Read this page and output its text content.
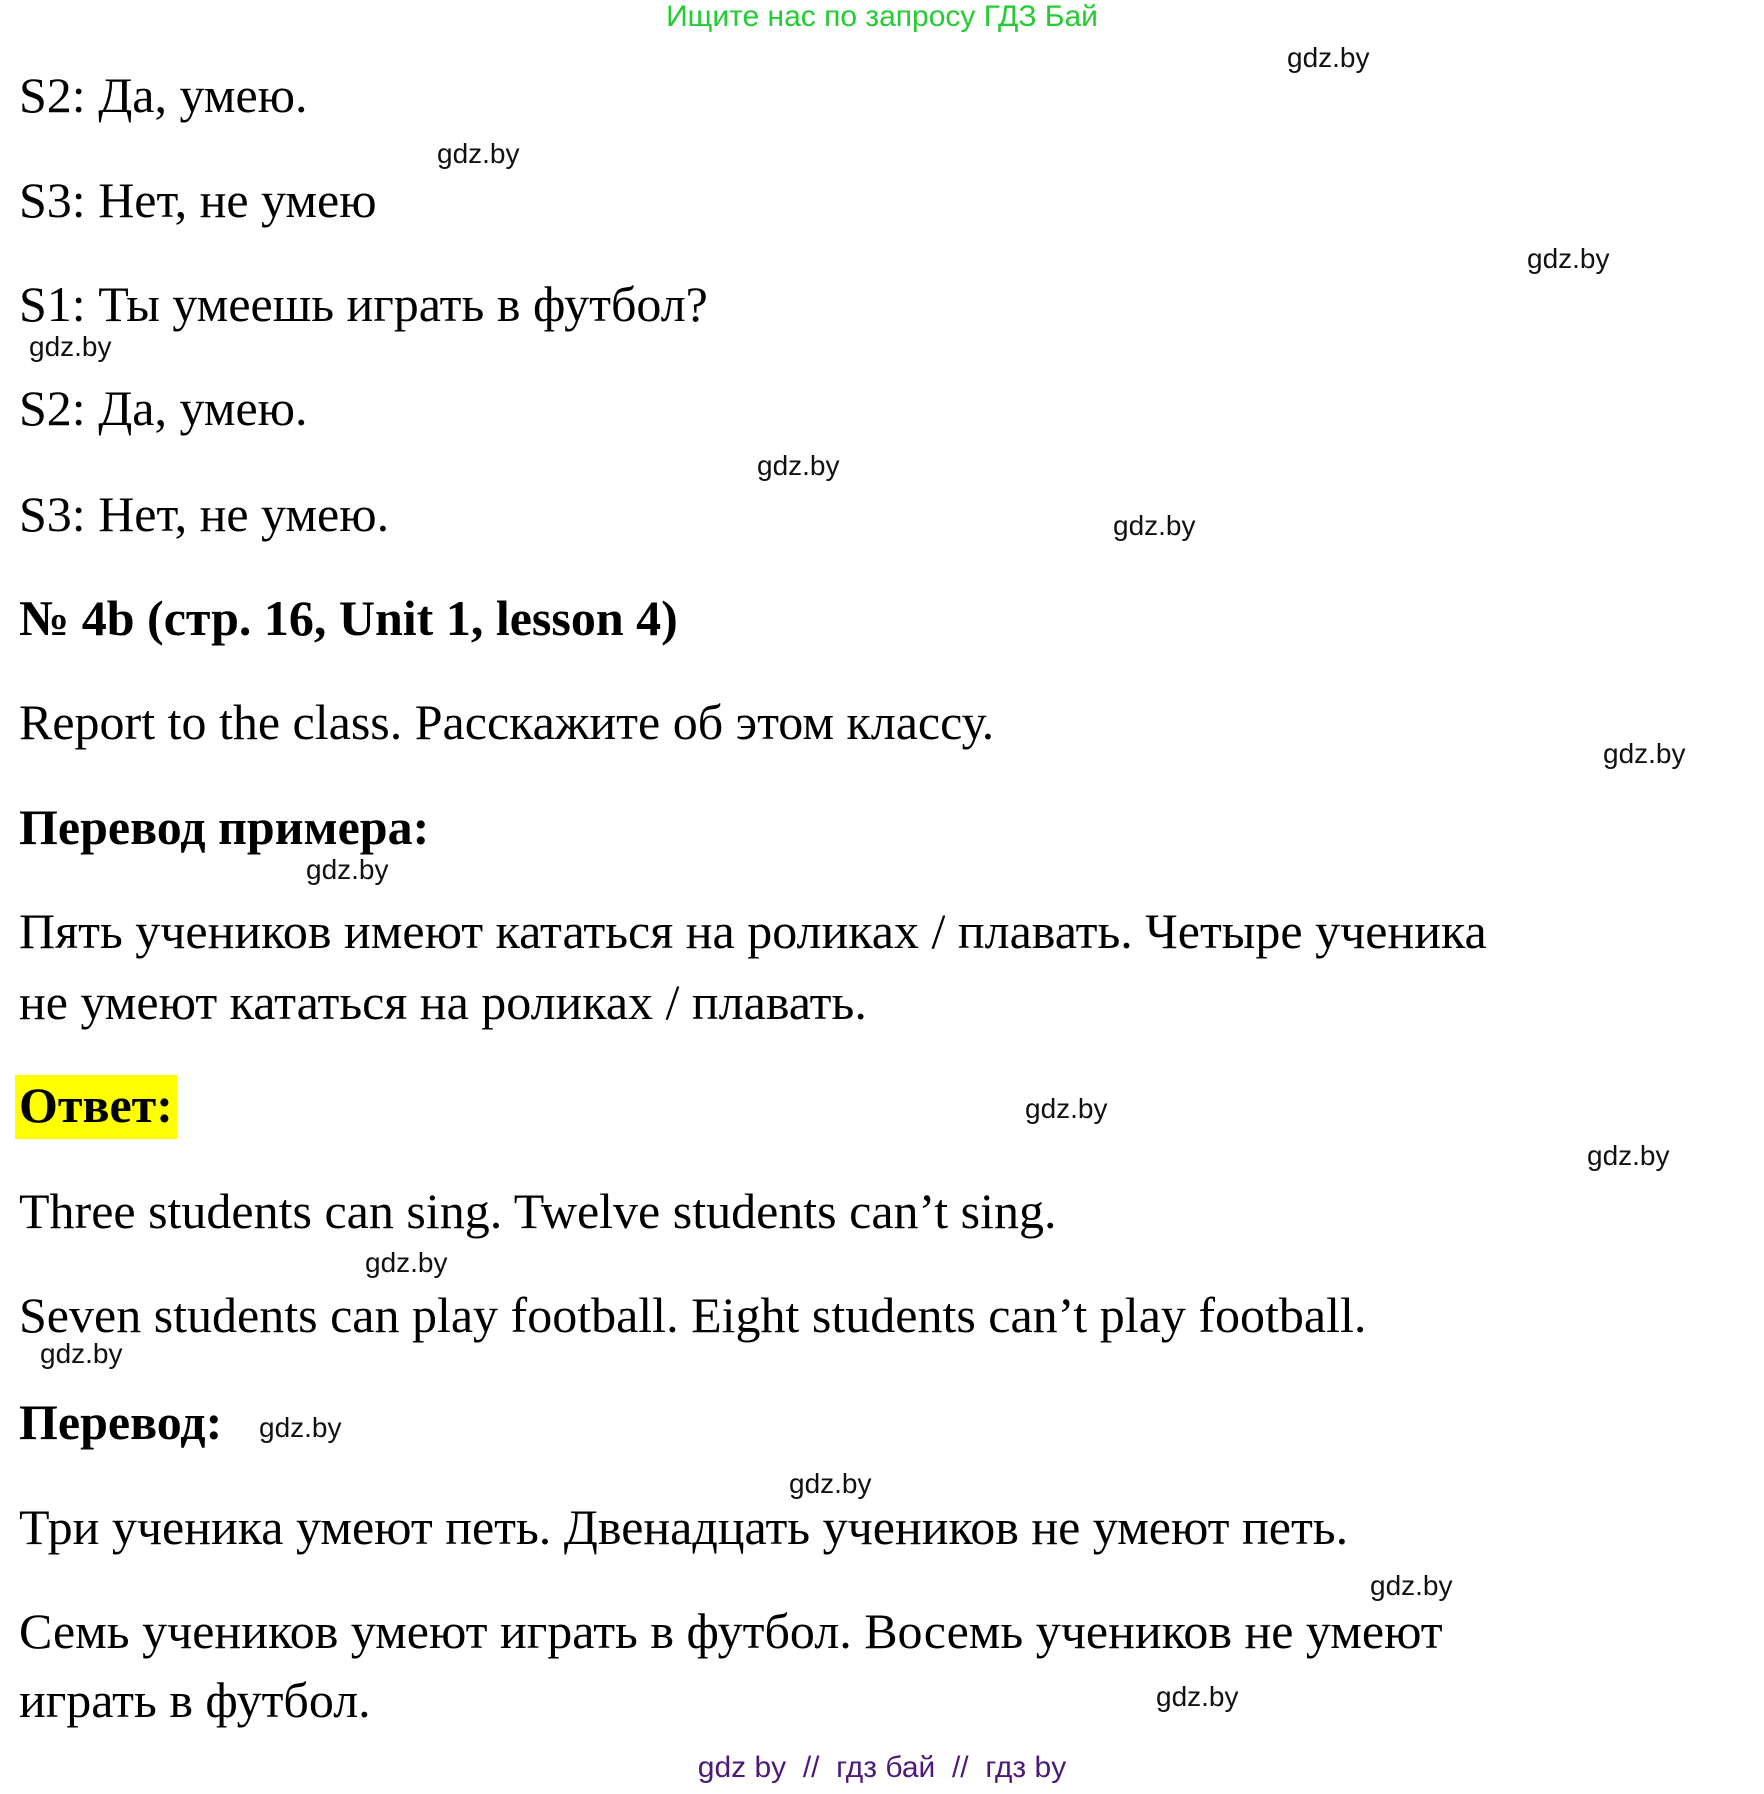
Ищите нас по запросу ГДЗ Бай
S2: Да, умею.
S3: Нет, не умею
S1: Ты умеешь играть в футбол?
S2: Да, умею.
S3: Нет, не умею.
№ 4b (стр. 16, Unit 1, lesson 4)
Report to the class. Расскажите об этом классу.
Перевод примера:
Пять учеников имеют кататься на роликах / плавать. Четыре ученика
не умеют кататься на роликах / плавать.
Ответ:
Three students can sing. Twelve students can’t sing.
Seven students can play football. Eight students can’t play football.
Перевод:
Три ученика умеют петь. Двенадцать учеников не умеют петь.
Семь учеников умеют играть в футбол. Восемь учеников не умеют
играть в футбол.
gdz.by
gdz.by
gdz.by
gdz.by
gdz.by
gdz.by
gdz.by
gdz.by
gdz.by
gdz.by
gdz.by
gdz.by
gdz.by
gdz.by
gdz.by
gdz.by
gdz by  //  гдз бай  //  гдз by
